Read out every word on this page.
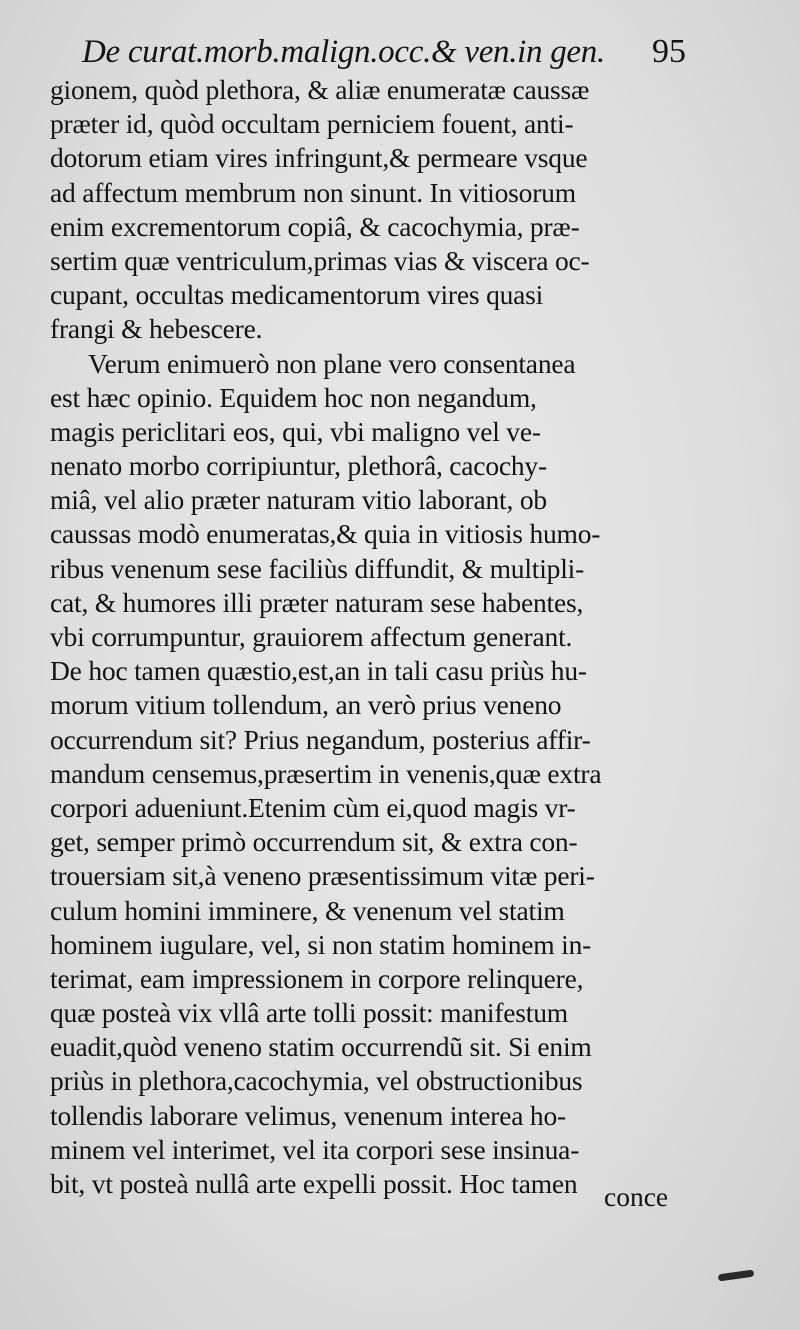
De curat.morb.malign.occ.& ven.in gen. 95
gionem, quòd plethora, & aliæ enumeratæ caussæ
præter id, quòd occultam perniciem fouent, anti-
dotorum etiam vires infringunt,& permeare vsque
ad affectum membrum non sinunt. In vitiosorum
enim excrementorum copiâ, & cacochymia, præ-
sertim quæ ventriculum,primas vias & viscera oc-
cupant, occultas medicamentorum vires quasi
frangi & hebescere.
Verum enimuerò non plane vero consentanea
est hæc opinio. Equidem hoc non negandum,
magis periclitari eos, qui, vbi maligno vel ve-
nenato morbo corripiuntur, plethorâ, cacochy-
miâ, vel alio præter naturam vitio laborant, ob
caussas modò enumeratas,& quia in vitiosis humo-
ribus venenum sese faciliùs diffundit, & multipli-
cat, & humores illi præter naturam sese habentes,
vbi corrumpuntur, grauiorem affectum generant.
De hoc tamen quæstio,est,an in tali casu priùs hu-
morum vitium tollendum, an verò prius veneno
occurrendum sit? Prius negandum, posterius affir-
mandum censemus,præsertim in venenis,quæ extra
corpori adueniunt.Etenim cùm ei,quod magis vr-
get, semper primò occurrendum sit, & extra con-
trouersiam sit,à veneno præsentissimum vitæ peri-
culum homini imminere, & venenum vel statim
hominem iugulare, vel, si non statim hominem in-
terimat, eam impressionem in corpore relinquere,
quæ posteà vix vllâ arte tolli possit: manifestum
euadit,quòd veneno statim occurrendũ sit. Si enim
priùs in plethora,cacochymia, vel obstructionibus
tollendis laborare velimus, venenum interea ho-
minem vel interimet, vel ita corpori sese insinua-
bit, vt posteà nullâ arte expelli possit. Hoc tamen conce
